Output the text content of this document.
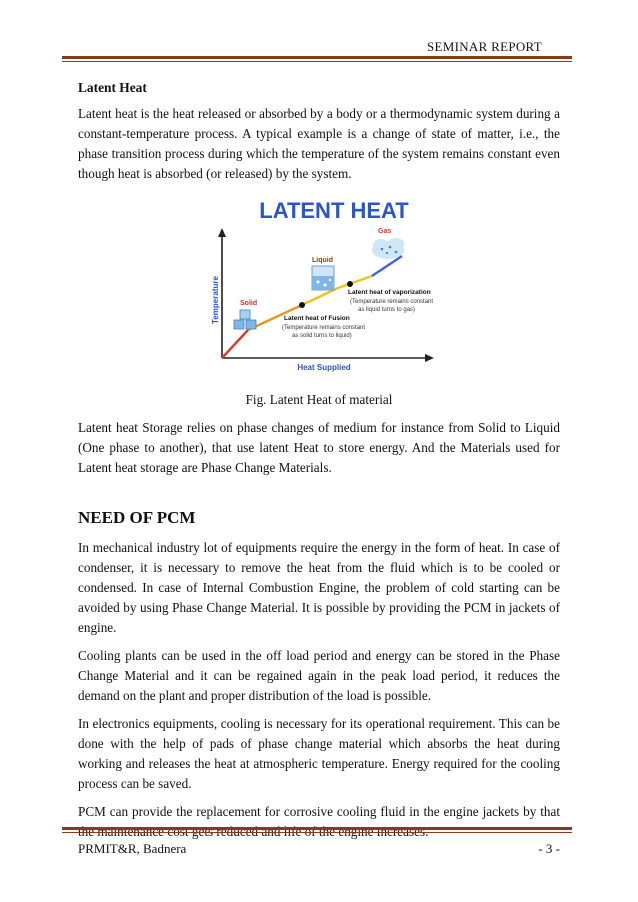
SEMINAR REPORT
Latent Heat

Latent heat is the heat released or absorbed by a body or a thermodynamic system during a constant-temperature process. A typical example is a change of state of matter, i.e., the phase transition process during which the temperature of the system remains constant even though heat is absorbed (or released) by the system.

LATENT HEAT
Temperature
Heat Supplied
Solid
Liquid
Gas
Latent heat of Fusion
(Temperature remains constant
as solid turns to liquid)
Latent heat of vaporization
(Temperature remains constant
as liquid turns to gas)
Fig. Latent Heat of material

Latent heat Storage relies on phase changes of medium for instance from Solid to Liquid (One phase to another), that use latent Heat to store energy. And the Materials used for Latent heat storage are Phase Change Materials.

NEED OF PCM

In mechanical industry lot of equipments require the energy in the form of heat. In case of condenser, it is necessary to remove the heat from the fluid which is to be cooled or condensed. In case of Internal Combustion Engine, the problem of cold starting can be avoided by using Phase Change Material. It is possible by providing the PCM in jackets of engine.

Cooling plants can be used in the off load period and energy can be stored in the Phase Change Material and it can be regained again in the peak load period, it reduces the demand on the plant and proper distribution of the load is possible.

In electronics equipments, cooling is necessary for its operational requirement. This can be done with the help of pads of phase change material which absorbs the heat during working and releases the heat at atmospheric temperature. Energy required for the cooling process can be saved.

PCM can provide the replacement for corrosive cooling fluid in the engine jackets by that

PRMIT&R, Badnera	- 3 -
